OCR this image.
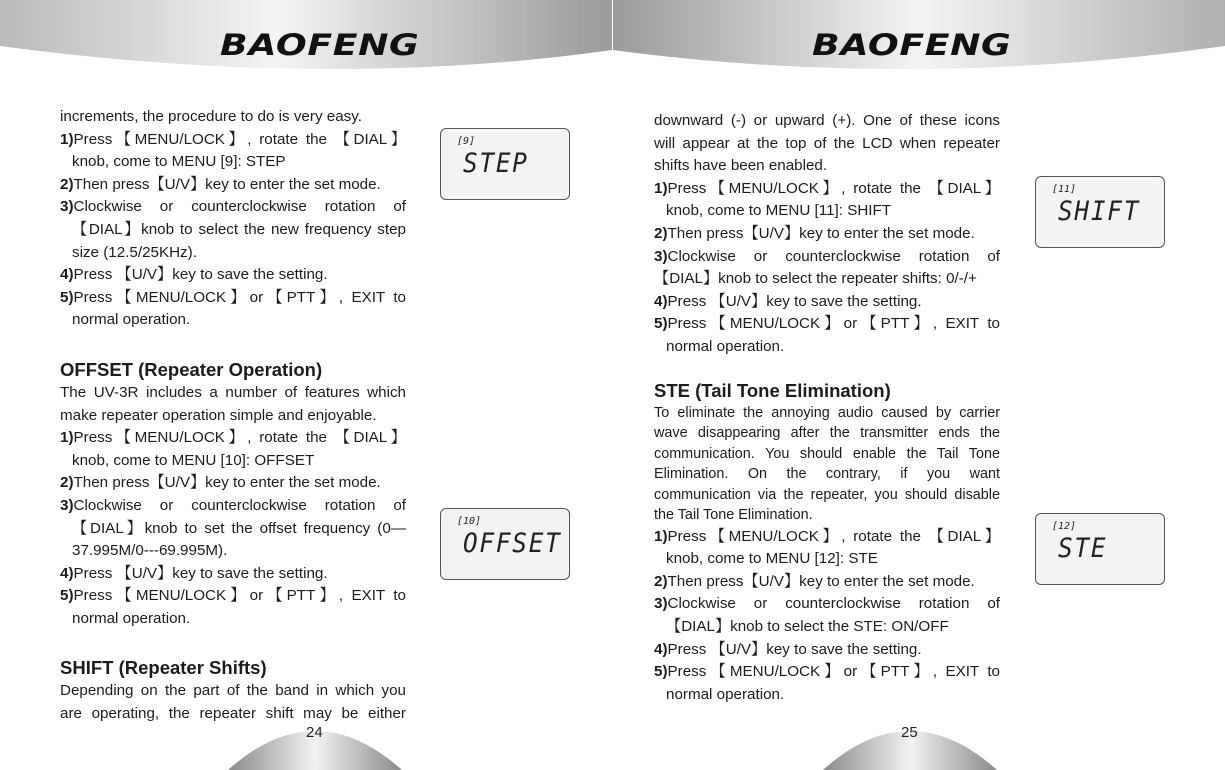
BAOFENG

increments, the procedure to do is very easy.

1)Press【MENU/LOCK】, rotate the 【DIAL】

knob, come to MENU [9]: STEP

2)Then press【U/V】key to enter the set mode.

3)Clockwise or counterclockwise rotation of

【DIAL】knob to select the new frequency step

size (12.5/25KHz).

4)Press 【U/V】key to save the setting.

5)Press【MENU/LOCK】or【PTT】, EXIT to

normal operation.

OFFSET (Repeater Operation)

The UV-3R includes a number of features which

make repeater operation simple and enjoyable.

1)Press【MENU/LOCK】, rotate the 【DIAL】

knob, come to MENU [10]: OFFSET

2)Then press【U/V】key to enter the set mode.

3)Clockwise or counterclockwise rotation of

【DIAL】knob to set the offset frequency (0—

37.995M/0---69.995M).

4)Press 【U/V】key to save the setting.

5)Press【MENU/LOCK】or【PTT】, EXIT to

normal operation.

SHIFT (Repeater Shifts)

Depending on the part of the band in which you

are operating, the repeater shift may be either

[9]
STEP
[10]
OFFSET
24
BAOFENG

downward (-) or upward (+). One of these icons

will appear at the top of the LCD when repeater

shifts have been enabled.

1)Press【MENU/LOCK】, rotate the 【DIAL】

knob, come to MENU [11]: SHIFT

2)Then press【U/V】key to enter the set mode.

3)Clockwise or counterclockwise rotation of

【DIAL】knob to select the repeater shifts: 0/-/+

4)Press 【U/V】key to save the setting.

5)Press【MENU/LOCK】or【PTT】, EXIT to

normal operation.

STE (Tail Tone Elimination)

To eliminate the annoying audio caused by carrier

wave disappearing after the transmitter ends the

communication. You should enable the Tail Tone

Elimination. On the contrary, if you want

communication via the repeater, you should disable

the Tail Tone Elimination.

1)Press【MENU/LOCK】, rotate the 【DIAL】

knob, come to MENU [12]: STE

2)Then press【U/V】key to enter the set mode.

3)Clockwise or counterclockwise rotation of

【DIAL】knob to select the STE: ON/OFF

4)Press 【U/V】key to save the setting.

5)Press【MENU/LOCK】or【PTT】, EXIT to

normal operation.

[11]
SHIFT
[12]
STE
25
